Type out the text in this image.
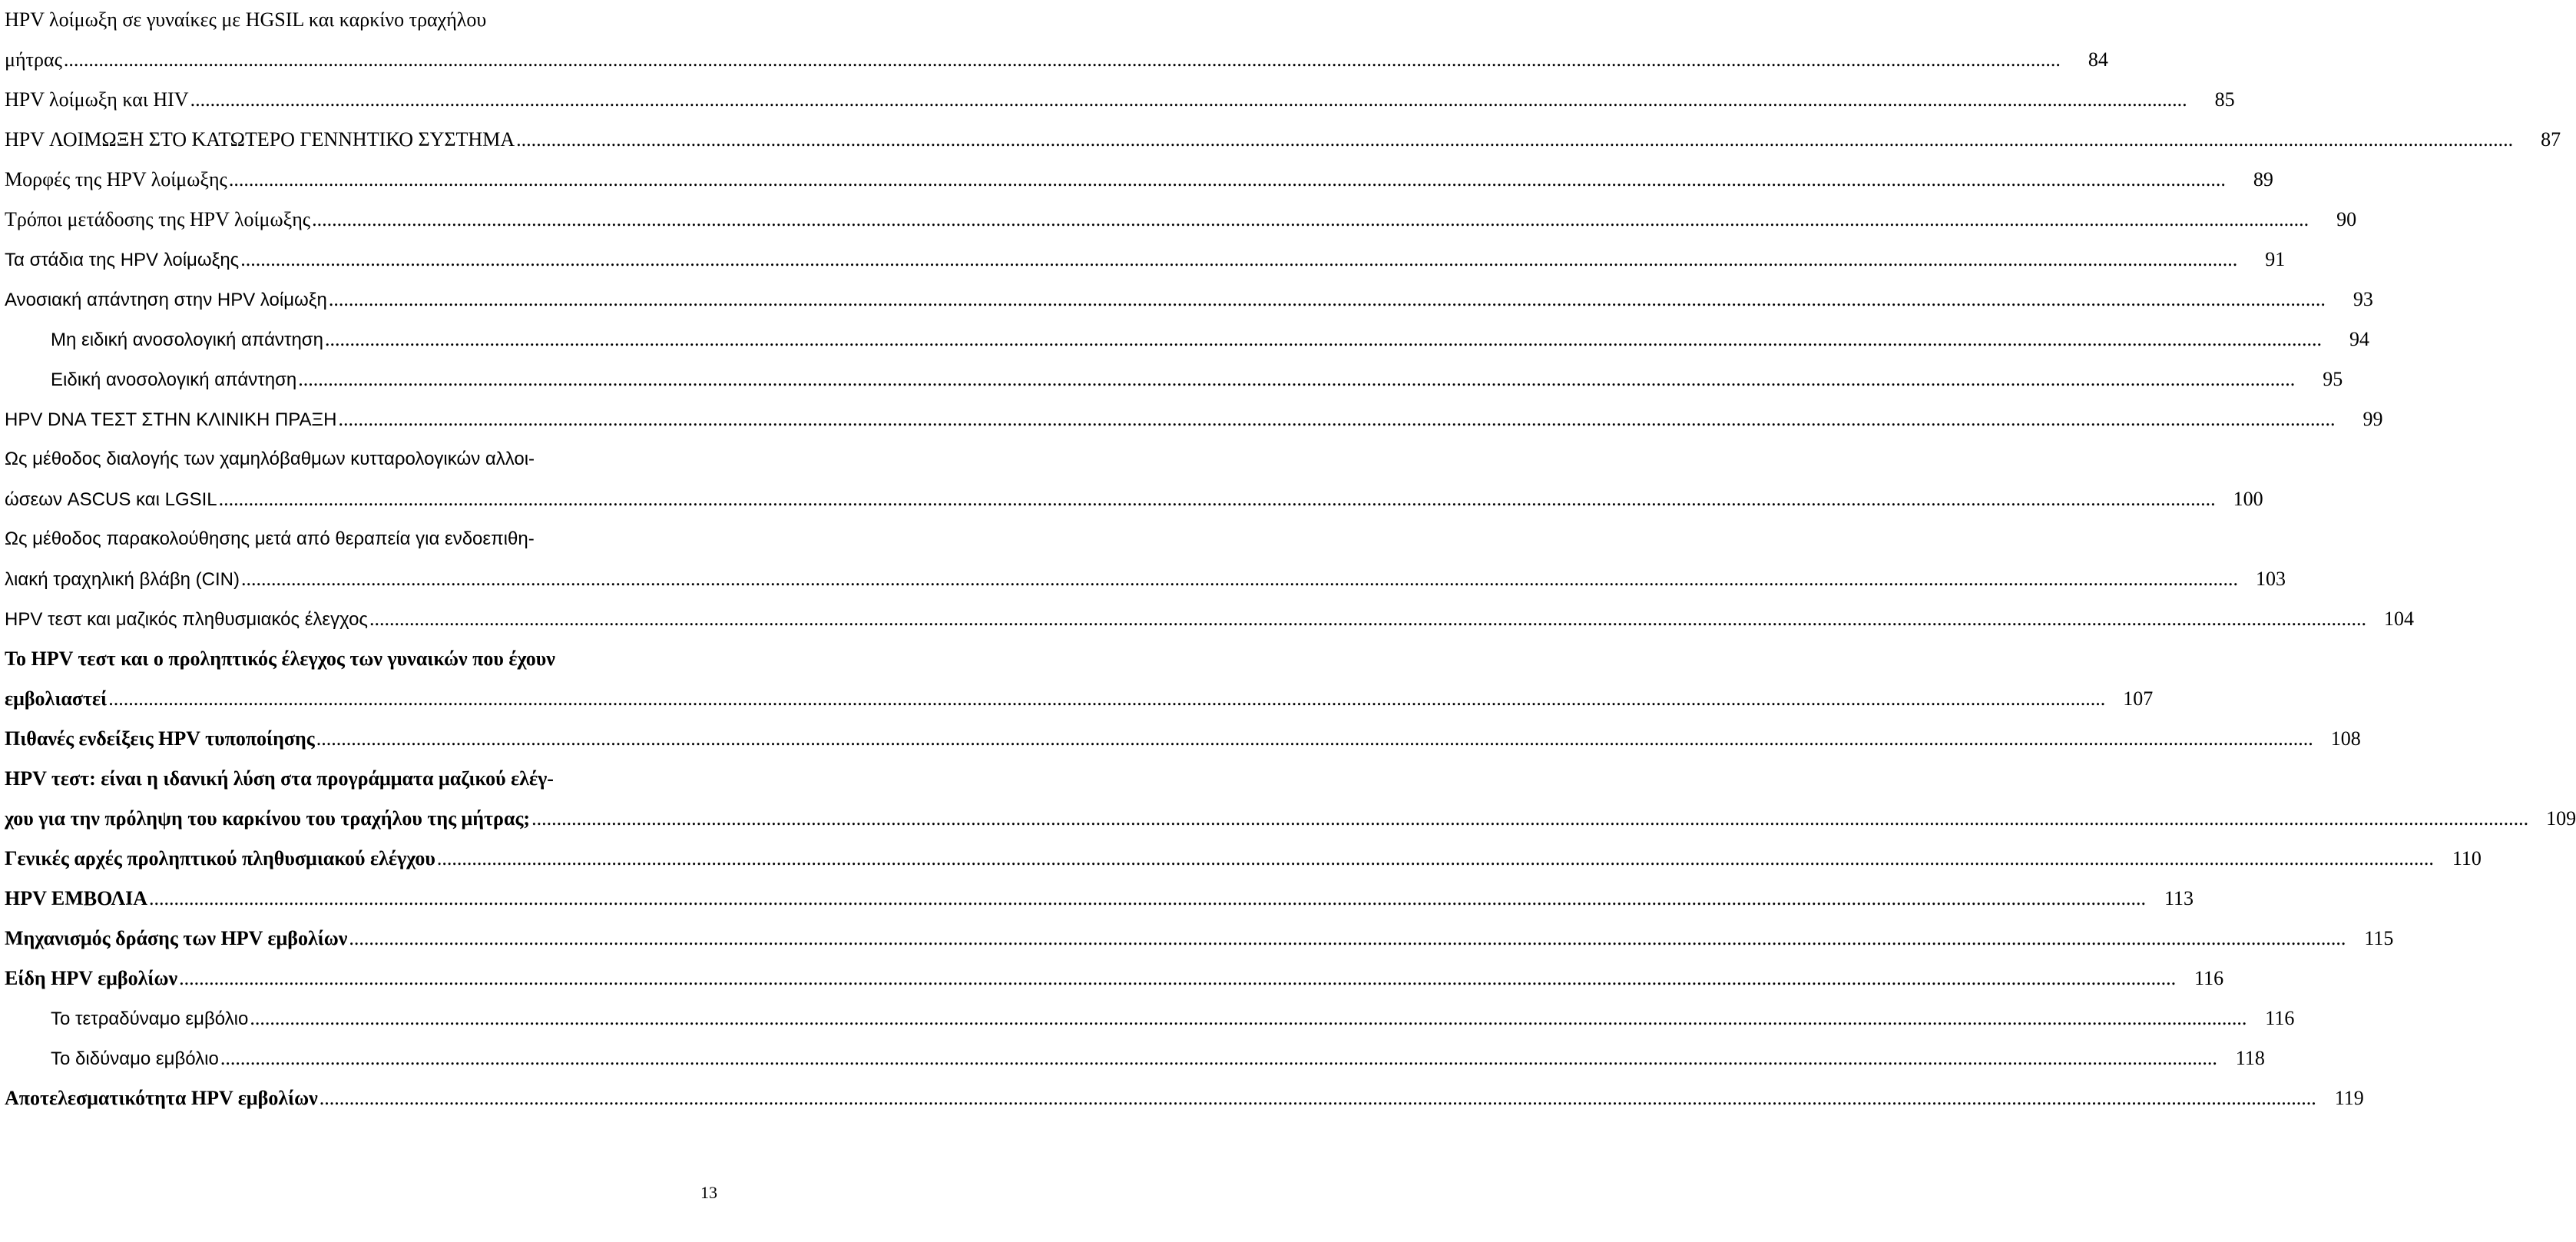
HPV λοίμωξη σε γυναίκες με HGSIL και καρκίνο τραχήλου
μήτρας ................................................................................................................................................................................................................................................................................................................................................................................................................	84
HPV λοίμωξη και HIV ................................................................................................................................................................................................................................................................................................................................................................................................................	85
HPV ΛΟΙΜΩΞΗ ΣΤΟ ΚΑΤΩΤΕΡΟ ΓΕΝΝΗΤΙΚΟ ΣΥΣΤΗΜΑ ................................................................................................................................................................................................................................................................................................................................................................................................................	87
Μορφές της HPV λοίμωξης ................................................................................................................................................................................................................................................................................................................................................................................................................	89
Τρόποι μετάδοσης της HPV λοίμωξης ................................................................................................................................................................................................................................................................................................................................................................................................................	90
Τα στάδια της HPV λοίμωξης ................................................................................................................................................................................................................................................................................................................................................................................................................	91
Ανοσιακή απάντηση στην HPV λοίμωξη ................................................................................................................................................................................................................................................................................................................................................................................................................	93
Μη ειδική ανοσολογική απάντηση ................................................................................................................................................................................................................................................................................................................................................................................................................	94
Ειδική ανοσολογική απάντηση ................................................................................................................................................................................................................................................................................................................................................................................................................	95
HPV DNA ΤΕΣΤ ΣΤΗΝ ΚΛΙΝΙΚΗ ΠΡΑΞΗ ................................................................................................................................................................................................................................................................................................................................................................................................................	99
Ως μέθοδος διαλογής των χαμηλόβαθμων κυτταρολογικών αλλοι-
ώσεων ASCUS και LGSIL ................................................................................................................................................................................................................................................................................................................................................................................................................ 100
Ως μέθοδος παρακολούθησης μετά από θεραπεία για ενδοεπιθη-
λιακή τραχηλική βλάβη (CIN) ................................................................................................................................................................................................................................................................................................................................................................................................................ 103
HPV τεστ και μαζικός πληθυσμιακός έλεγχος ................................................................................................................................................................................................................................................................................................................................................................................................................ 104
Το HPV τεστ και ο προληπτικός έλεγχος των γυναικών που έχουν
εμβολιαστεί ................................................................................................................................................................................................................................................................................................................................................................................................................ 107
Πιθανές ενδείξεις HPV τυποποίησης ................................................................................................................................................................................................................................................................................................................................................................................................................ 108
HPV τεστ: είναι η ιδανική λύση στα προγράμματα μαζικού ελέγ-
χου για την πρόληψη του καρκίνου του τραχήλου της μήτρας; ................................................................................................................................................................................................................................................................................................................................................................................................................ 109
Γενικές αρχές προληπτικού πληθυσμιακού ελέγχου ................................................................................................................................................................................................................................................................................................................................................................................................................ 110
HPV ΕΜΒΟΛΙΑ ................................................................................................................................................................................................................................................................................................................................................................................................................ 113
Μηχανισμός δράσης των HPV εμβολίων ................................................................................................................................................................................................................................................................................................................................................................................................................ 115
Είδη HPV εμβολίων ................................................................................................................................................................................................................................................................................................................................................................................................................ 116
Το τετραδύναμο εμβόλιο ................................................................................................................................................................................................................................................................................................................................................................................................................ 116
Το διδύναμο εμβόλιο ................................................................................................................................................................................................................................................................................................................................................................................................................ 118
Αποτελεσματικότητα HPV εμβολίων ................................................................................................................................................................................................................................................................................................................................................................................................................ 119
13
